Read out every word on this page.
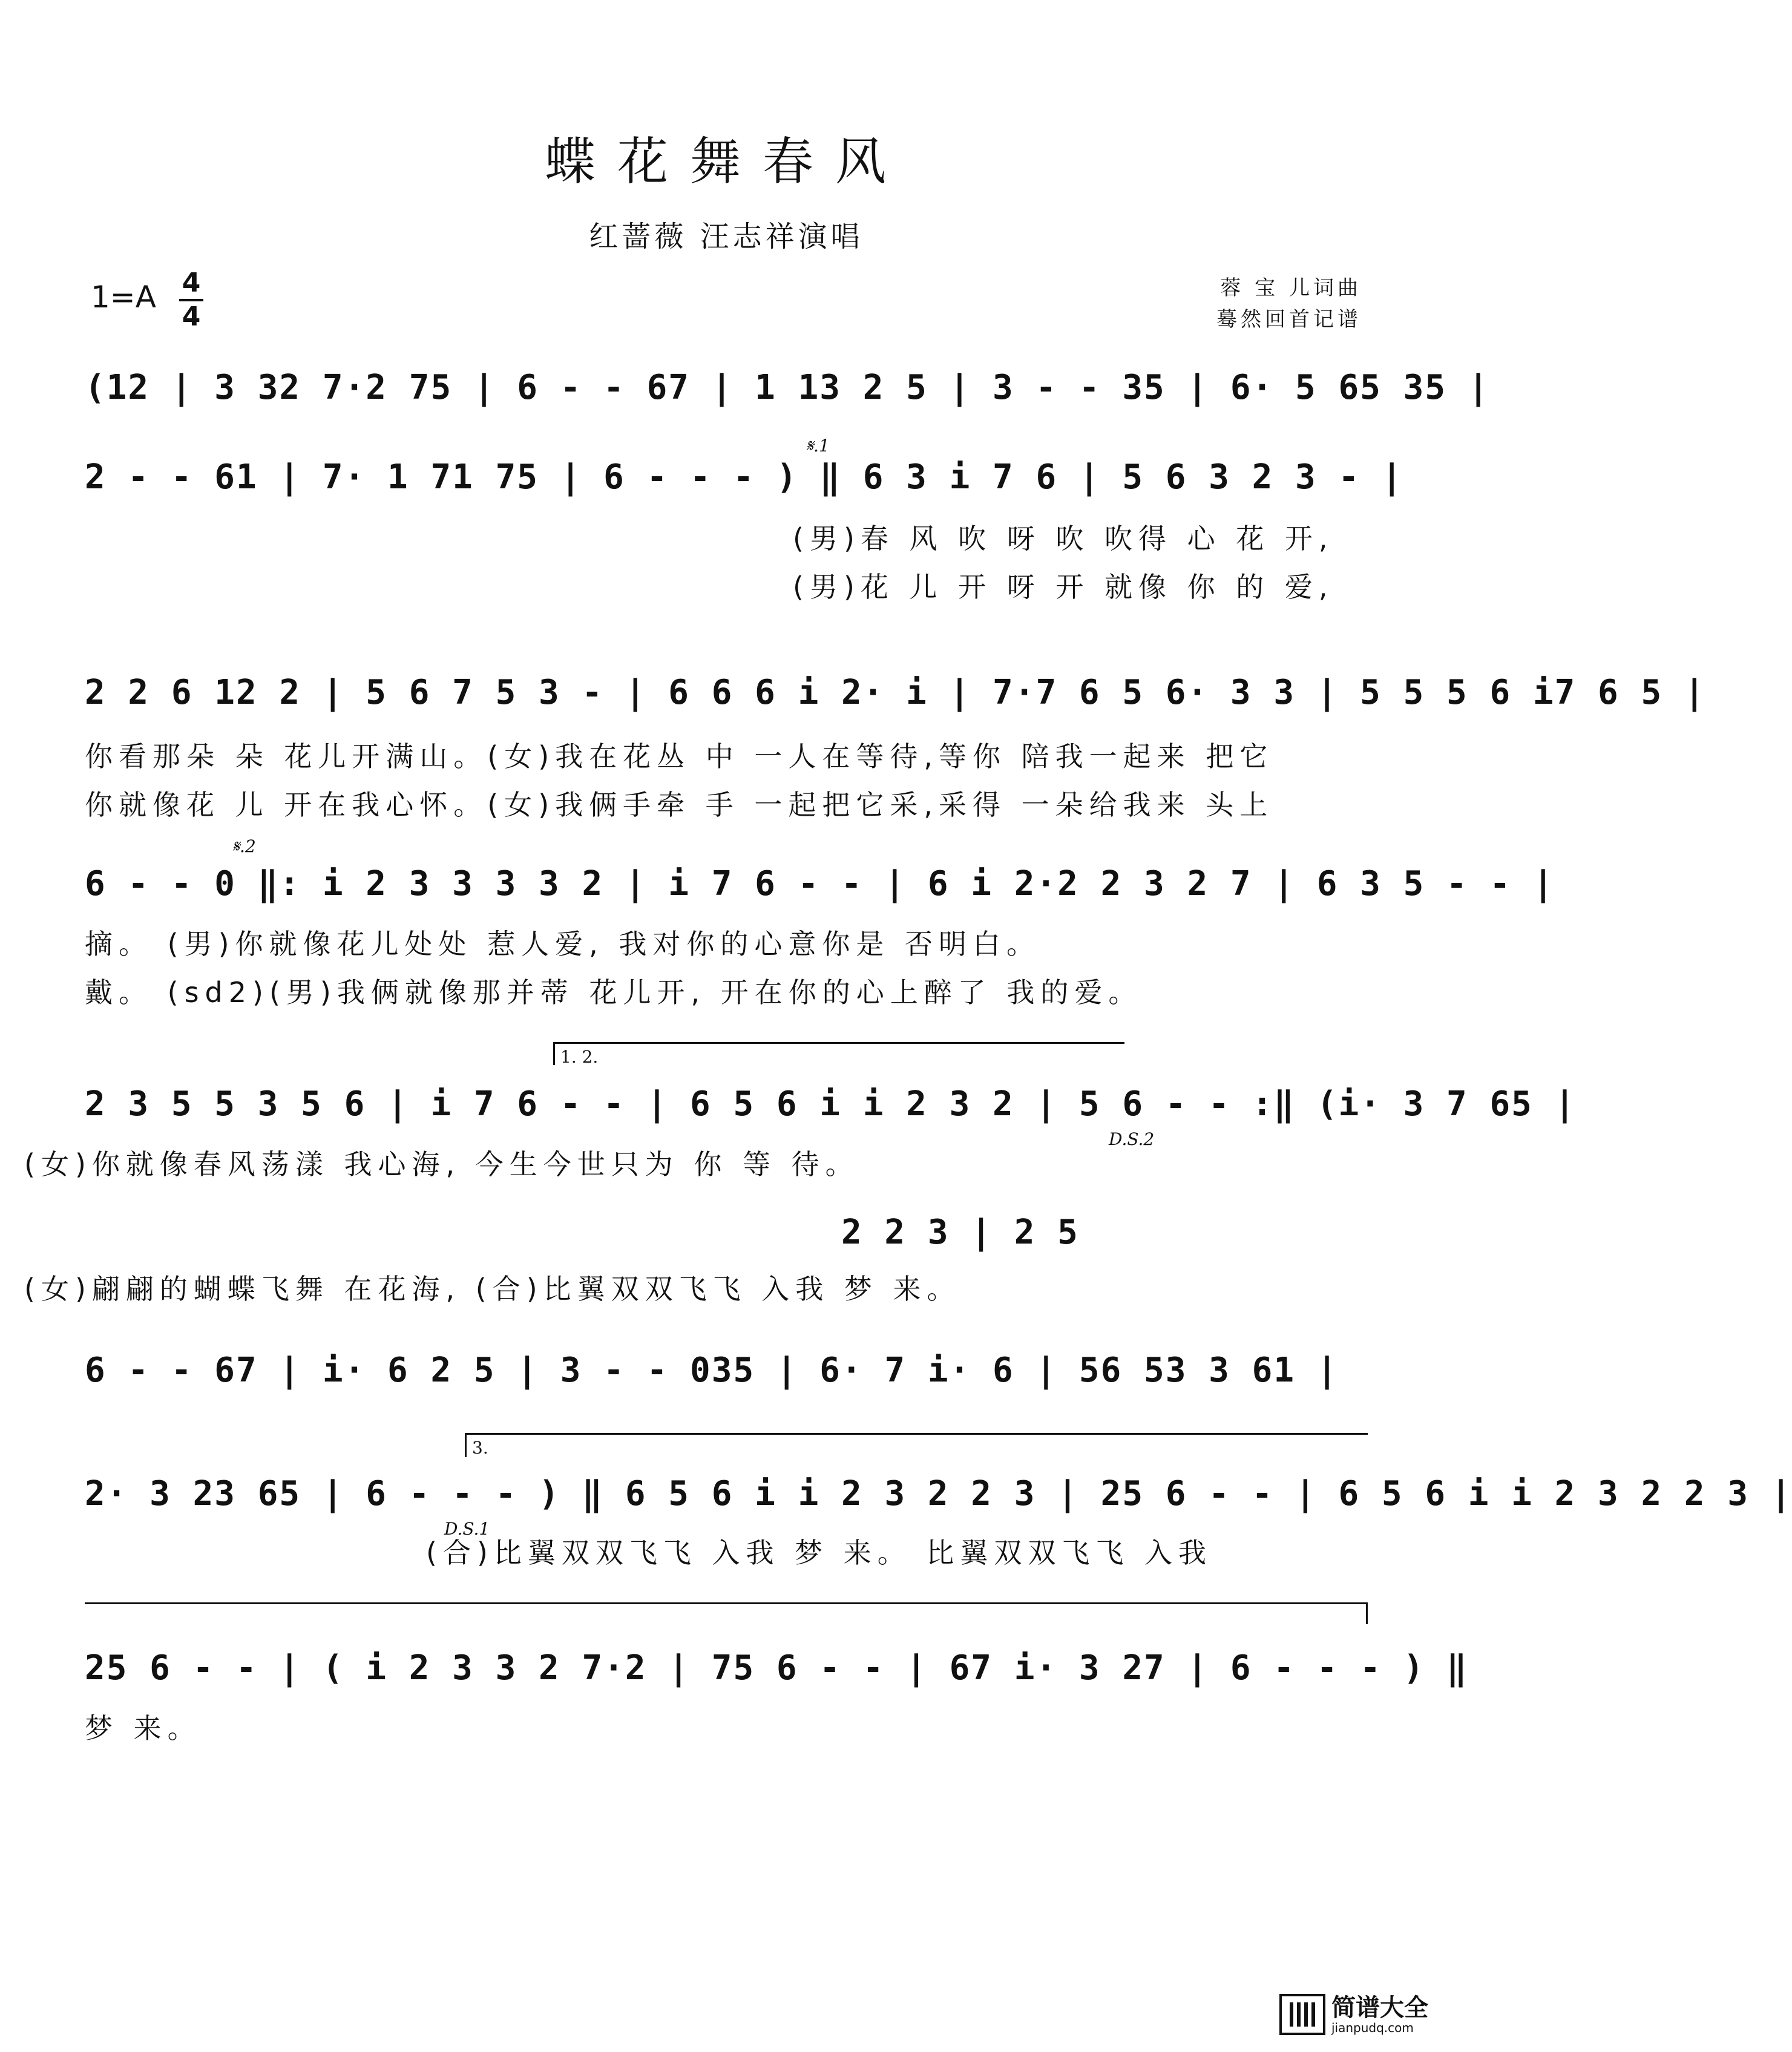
蝶花舞春风
红蔷薇 汪志祥演唱
1=A 4
4
蓉 宝 儿词曲
蓦然回首记谱
(12 | 3 32 7·2 75 | 6 - - 67 | 1 13 2 5 | 3 - - 35 | 6· 5 65 35 |
𝄋.1
2 - - 61 | 7· 1 71 75 | 6 - - - ) ‖ 6 3 i 7 6 | 5 6 3 2 3 - |
(男)春 风 吹 呀 吹 吹得 心 花 开,
(男)花 儿 开 呀 开 就像 你 的 爱,
2 2 6 12 2 | 5 6 7 5 3 - | 6 6 6 i 2· i | 7·7 6 5 6· 3 3 | 5 5 5 6 i7 6 5 |
你看那朵 朵 花儿开满山。(女)我在花丛 中 一人在等待,等你 陪我一起来 把它
你就像花 儿 开在我心怀。(女)我俩手牵 手 一起把它采,采得 一朵给我来 头上
𝄋.2
6 - - 0 ‖: i 2 3 3 3 3 2 | i 7 6 - - | 6 i 2·2 2 3 2 7 | 6 3 5 - - |
摘。 (男)你就像花儿处处 惹人爱, 我对你的心意你是 否明白。
戴。 (sd2)(男)我俩就像那并蒂 花儿开, 开在你的心上醉了 我的爱。
1. 2.
2 3 5 5 3 5 6 | i 7 6 - - | 6 5 6 i i 2 3 2 | 5 6 - - :‖ (i· 3 7 65 |
D.S.2
(女)你就像春风荡漾 我心海, 今生今世只为 你 等 待。
2 2 3 | 2 5
(女)翩翩的蝴蝶飞舞 在花海, (合)比翼双双飞飞 入我 梦 来。
6 - - 67 | i· 6 2 5 | 3 - - 035 | 6· 7 i· 6 | 56 53 3 61 |
3.
2· 3 23 65 | 6 - - - ) ‖ 6 5 6 i i 2 3 2 2 3 | 25 6 - - | 6 5 6 i i 2 3 2 2 3 |
D.S.1
(合)比翼双双飞飞 入我 梦 来。 比翼双双飞飞 入我
25 6 - - | ( i 2 3 3 2 7·2 | 75 6 - - | 67 i· 3 27 | 6 - - - ) ‖
梦 来。
简谱大全
jianpudq.com
